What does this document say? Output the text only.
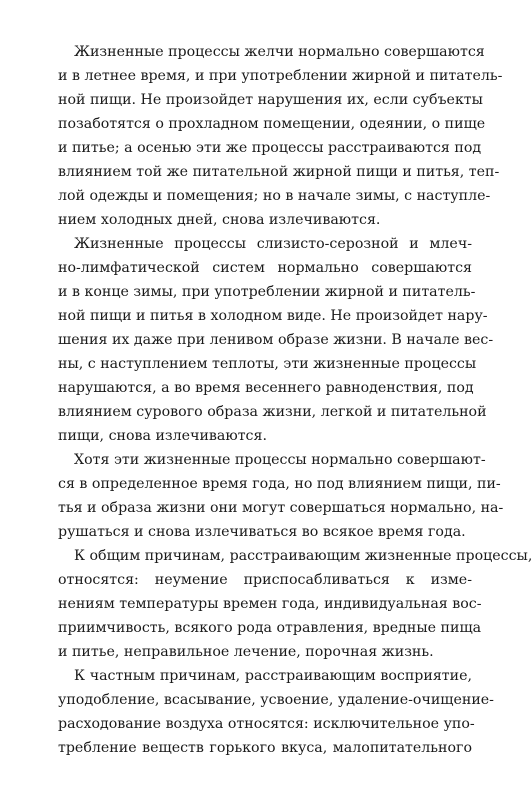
Жизненные процессы желчи нормально совершаются
и в летнее время, и при употреблении жирной и питатель-
ной пищи. Не произойдет нарушения их, если субъекты
позаботятся о прохладном помещении, одеянии, о пище
и питье; а осенью эти же процессы расстраиваются под
влиянием той же питательной жирной пищи и питья, теп-
лой одежды и помещения; но в начале зимы, с наступле-
нием холодных дней, снова излечиваются.
Жизненные процессы слизисто-серозной и млеч-
но-лимфатической систем нормально совершаются
и в конце зимы, при употреблении жирной и питатель-
ной пищи и питья в холодном виде. Не произойдет нару-
шения их даже при ленивом образе жизни. В начале вес-
ны, с наступлением теплоты, эти жизненные процессы
нарушаются, а во время весеннего равноденствия, под
влиянием сурового образа жизни, легкой и питательной
пищи, снова излечиваются.
Хотя эти жизненные процессы нормально совершают-
ся в определенное время года, но под влиянием пищи, пи-
тья и образа жизни они могут совершаться нормально, на-
рушаться и снова излечиваться во всякое время года.
К общим причинам, расстраивающим жизненные процессы,
относятся: неумение приспосабливаться к изме-
нениям температуры времен года, индивидуальная вос-
приимчивость, всякого рода отравления, вредные пища
и питье, неправильное лечение, порочная жизнь.
К частным причинам, расстраивающим восприятие,
уподобление, всасывание, усвоение, удаление-очищение-
расходование воздуха относятся: исключительное упо-
требление веществ горького вкуса, малопитательного
